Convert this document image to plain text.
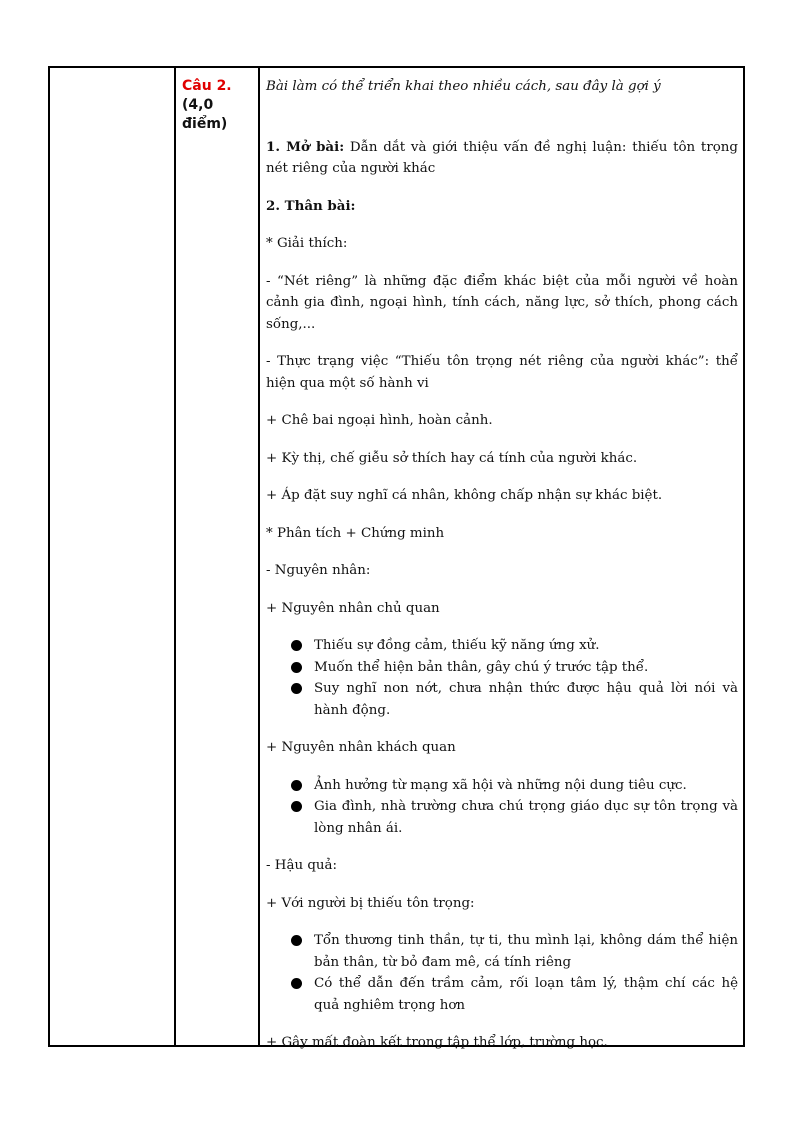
Câu 2.
(4,0
điểm)

Bài làm có thể triển khai theo nhiều cách, sau đây là gợi ý

1. Mở bài: Dẫn dắt và giới thiệu vấn đề nghị luận: thiếu tôn trọng nét riêng của người khác

2. Thân bài:

* Giải thích:

- “Nét riêng” là những đặc điểm khác biệt của mỗi người về hoàn cảnh gia đình, ngoại hình, tính cách, năng lực, sở thích, phong cách sống,...

- Thực trạng việc “Thiếu tôn trọng nét riêng của người khác”: thể hiện qua một số hành vi

+ Chê bai ngoại hình, hoàn cảnh.

+ Kỳ thị, chế giễu sở thích hay cá tính của người khác.

+ Áp đặt suy nghĩ cá nhân, không chấp nhận sự khác biệt.

* Phân tích + Chứng minh

- Nguyên nhân:

+ Nguyên nhân chủ quan

Thiếu sự đồng cảm, thiếu kỹ năng ứng xử.
Muốn thể hiện bản thân, gây chú ý trước tập thể.
Suy nghĩ non nớt, chưa nhận thức được hậu quả lời nói và hành động.

+ Nguyên nhân khách quan

Ảnh hưởng từ mạng xã hội và những nội dung tiêu cực.
Gia đình, nhà trường chưa chú trọng giáo dục sự tôn trọng và lòng nhân ái.

- Hậu quả:

+ Với người bị thiếu tôn trọng:

Tổn thương tinh thần, tự ti, thu mình lại, không dám thể hiện bản thân, từ bỏ đam mê, cá tính riêng
Có thể dẫn đến trầm cảm, rối loạn tâm lý, thậm chí các hệ quả nghiêm trọng hơn

+ Gây mất đoàn kết trong tập thể lớp, trường học.
